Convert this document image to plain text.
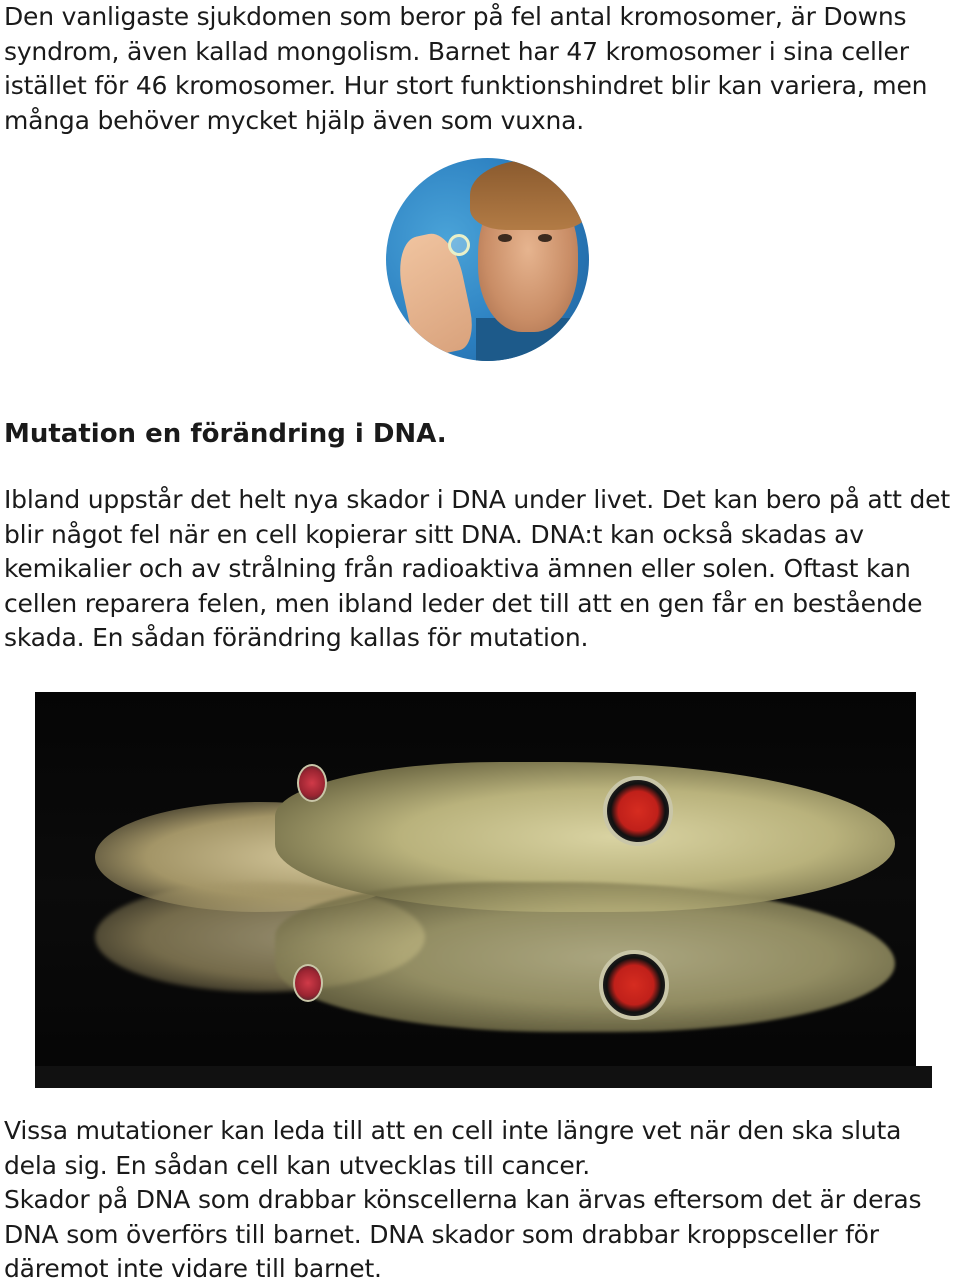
Den vanligaste sjukdomen som beror på fel antal kromosomer, är Downs syndrom, även kallad mongolism. Barnet har 47 kromosomer i sina celler istället för 46 kromosomer. Hur stort funktionshindret blir kan variera, men många behöver mycket hjälp även som vuxna.

Mutation en förändring i DNA.

Ibland uppstår det helt nya skador i DNA under livet. Det kan bero på att det blir något fel när en cell kopierar sitt DNA. DNA:t kan också skadas av kemikalier och av strålning från radioaktiva ämnen eller solen. Oftast kan cellen reparera felen, men ibland leder det till att en gen får en bestående skada. En sådan förändring kallas för mutation.

Vissa mutationer kan leda till att en cell inte längre vet när den ska sluta dela sig. En sådan cell kan utvecklas till cancer.

Skador på DNA som drabbar könscellerna kan ärvas eftersom det är deras DNA som överförs till barnet. DNA skador som drabbar kroppsceller för däremot inte vidare till barnet.
